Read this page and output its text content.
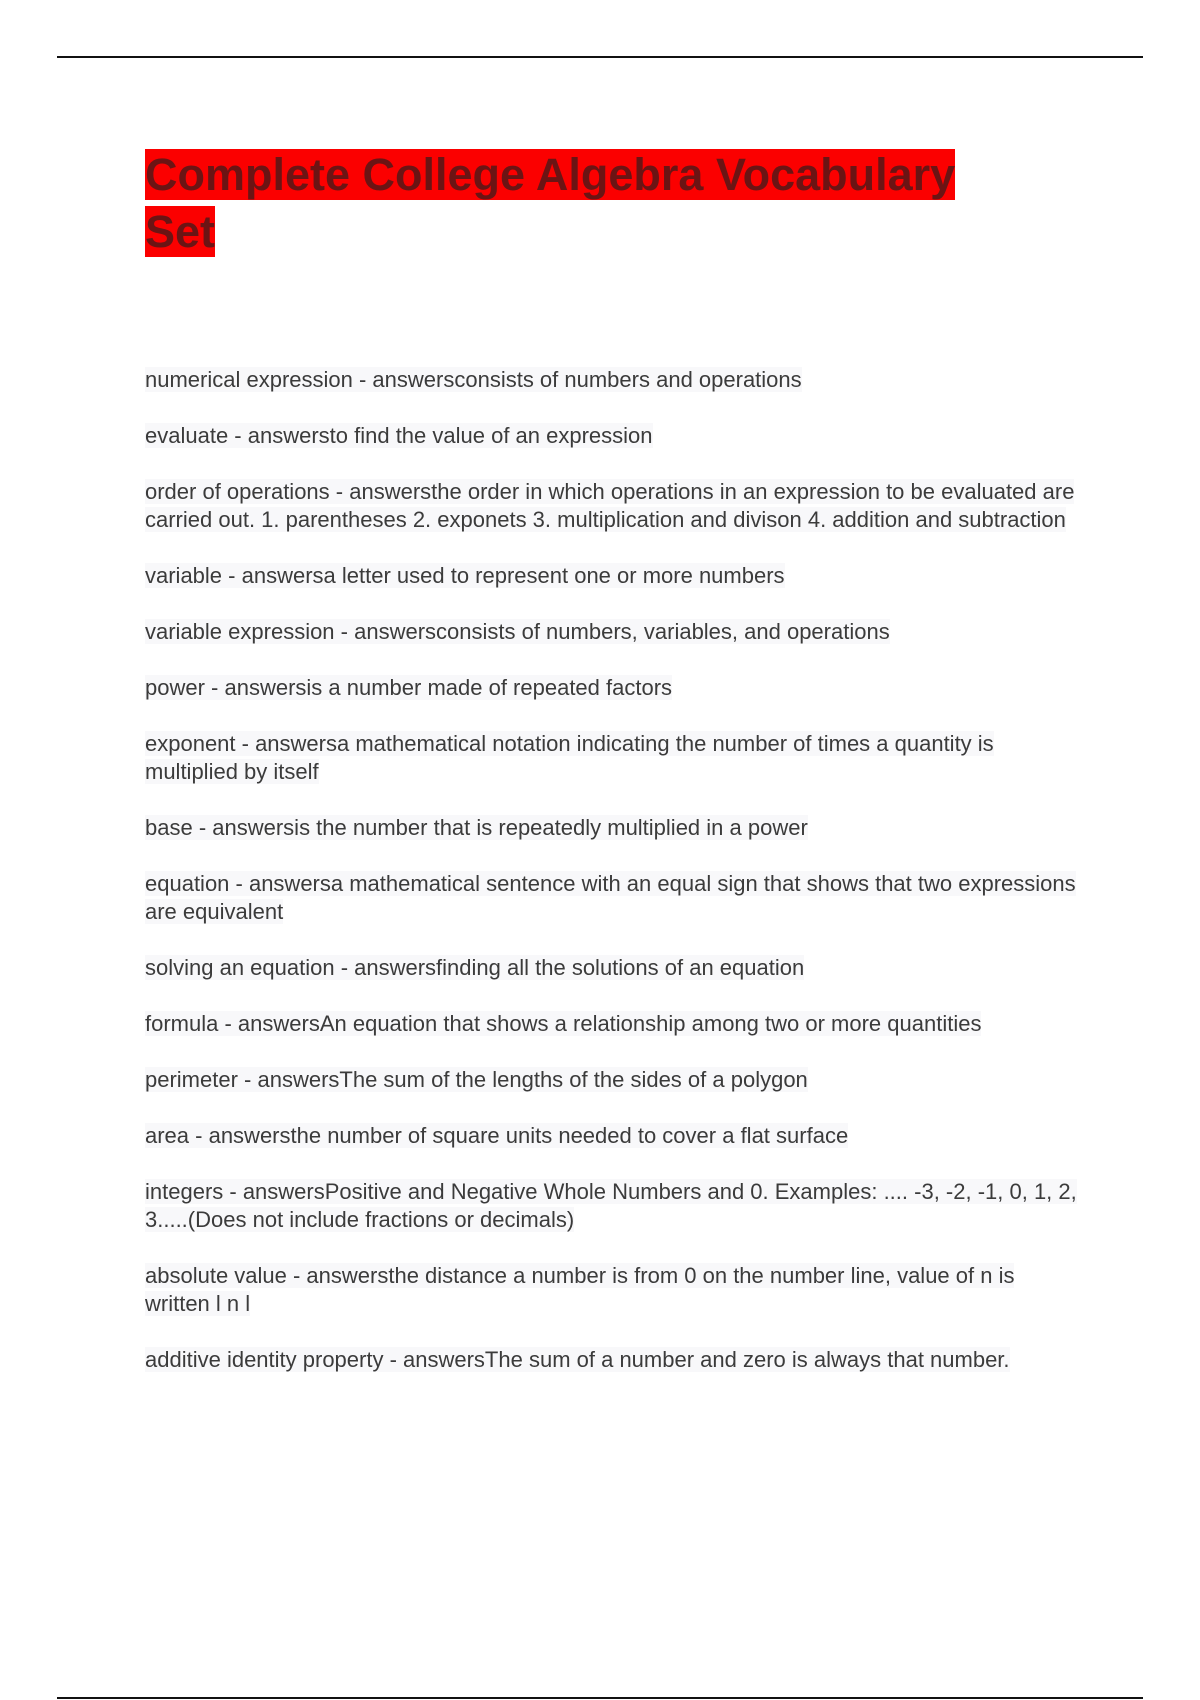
Complete College Algebra Vocabulary Set

numerical expression - answersconsists of numbers and operations

evaluate - answersto find the value of an expression

order of operations - answersthe order in which operations in an expression to be evaluated are carried out. 1. parentheses 2. exponets 3. multiplication and divison 4. addition and subtraction

variable - answersa letter used to represent one or more numbers

variable expression - answersconsists of numbers, variables, and operations

power - answersis a number made of repeated factors

exponent - answersa mathematical notation indicating the number of times a quantity is multiplied by itself

base - answersis the number that is repeatedly multiplied in a power

equation - answersa mathematical sentence with an equal sign that shows that two expressions are equivalent

solving an equation - answersfinding all the solutions of an equation

formula - answersAn equation that shows a relationship among two or more quantities

perimeter - answersThe sum of the lengths of the sides of a polygon

area - answersthe number of square units needed to cover a flat surface

integers - answersPositive and Negative Whole Numbers and 0. Examples: .... -3, -2, -1, 0, 1, 2, 3.....(Does not include fractions or decimals)

absolute value - answersthe distance a number is from 0 on the number line, value of n is written l n l

additive identity property - answersThe sum of a number and zero is always that number.
